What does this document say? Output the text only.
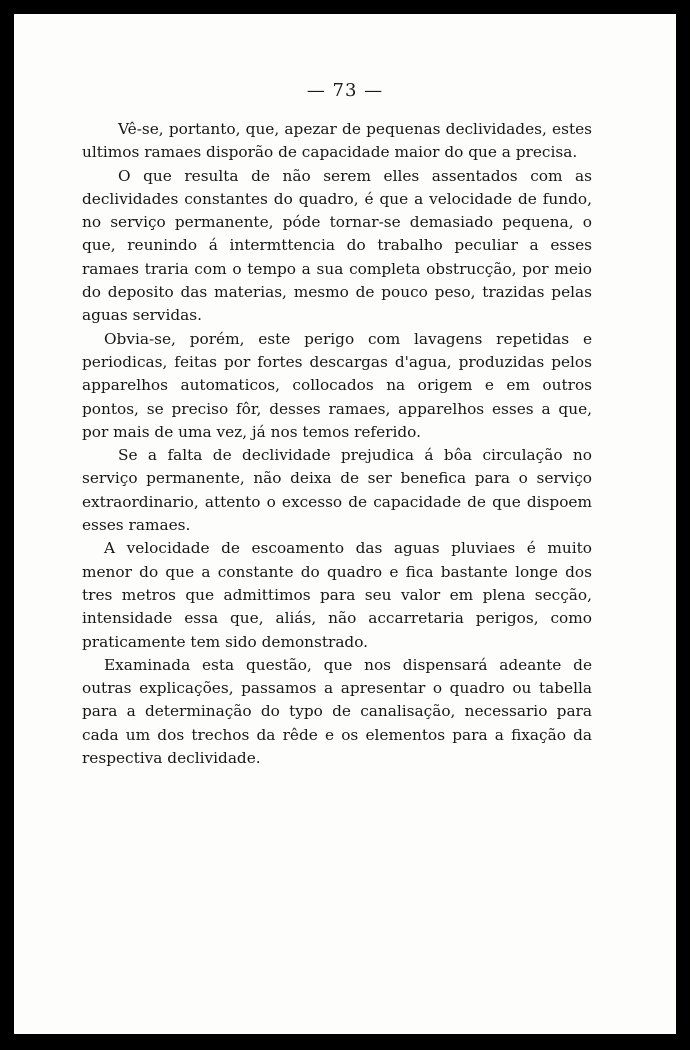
— 73 —

Vê-se, portanto, que, apezar de pequenas declividades, estes ultimos ramaes disporão de capacidade maior do que a precisa.

O que resulta de não serem elles assentados com as declividades constantes do quadro, é que a velocidade de fundo, no serviço permanente, póde tornar-se demasiado pequena, o que, reunindo á intermttencia do trabalho peculiar a esses ramaes traria com o tempo a sua completa obstrucção, por meio do deposito das materias, mesmo de pouco peso, trazidas pelas aguas servidas.

Obvia-se, porém, este perigo com lavagens repetidas e periodicas, feitas por fortes descargas d'agua, produzidas pelos apparelhos automaticos, collocados na origem e em outros pontos, se preciso fôr, desses ramaes, apparelhos esses a que, por mais de uma vez, já nos temos referido.

Se a falta de declividade prejudica á bôa circulação no serviço permanente, não deixa de ser benefica para o serviço extraordinario, attento o excesso de capacidade de que dispoem esses ramaes.

A velocidade de escoamento das aguas pluviaes é muito menor do que a constante do quadro e fica bastante longe dos tres metros que admittimos para seu valor em plena secção, intensidade essa que, aliás, não accarretaria perigos, como praticamente tem sido demonstrado.

Examinada esta questão, que nos dispensará adeante de outras explicações, passamos a apresentar o quadro ou tabella para a determinação do typo de canalisação, necessario para cada um dos trechos da rêde e os elementos para a fixação da respectiva declividade.
